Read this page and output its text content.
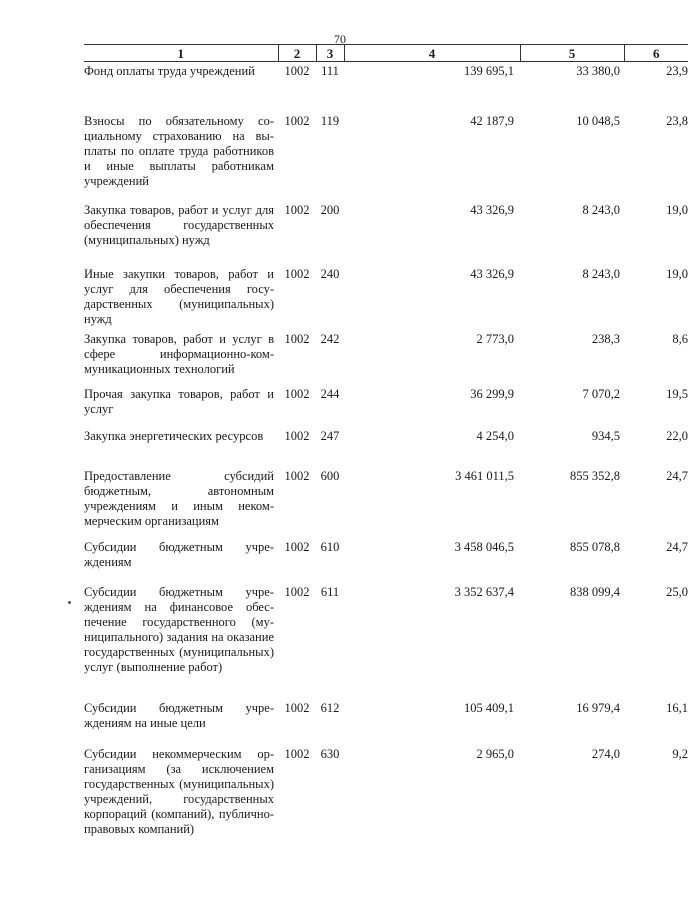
70
1	2	3	4	5	6
Фонд оплаты труда учреждений	1002	111	139 695,1	33 380,0	23,9
Взносы по обязательному социальному страхованию на выплаты по оплате труда работников и иные выплаты работникам учреждений	1002	119	42 187,9	10 048,5	23,8
Закупка товаров, работ и услуг для обеспечения государственных (муниципальных) нужд	1002	200	43 326,9	8 243,0	19,0
Иные закупки товаров, работ и услуг для обеспечения государственных (муниципальных) нужд	1002	240	43 326,9	8 243,0	19,0
Закупка товаров, работ и услуг в сфере информационно-коммуникационных технологий	1002	242	2 773,0	238,3	8,6
Прочая закупка товаров, работ и услуг	1002	244	36 299,9	7 070,2	19,5
Закупка энергетических ресурсов	1002	247	4 254,0	934,5	22,0
Предоставление субсидий бюджетным, автономным учреждениям и иным некоммерческим организациям	1002	600	3 461 011,5	855 352,8	24,7
Субсидии бюджетным учреждениям	1002	610	3 458 046,5	855 078,8	24,7
Субсидии бюджетным учреждениям на финансовое обеспечение государственного (муниципального) задания на оказание государственных (муниципальных) услуг (выполнение работ)	1002	611	3 352 637,4	838 099,4	25,0
Субсидии бюджетным учреждениям на иные цели	1002	612	105 409,1	16 979,4	16,1
Субсидии некоммерческим организациям (за исключением государственных (муниципальных) учреждений, государственных корпораций (компаний), публично-правовых компаний)	1002	630	2 965,0	274,0	9,2
